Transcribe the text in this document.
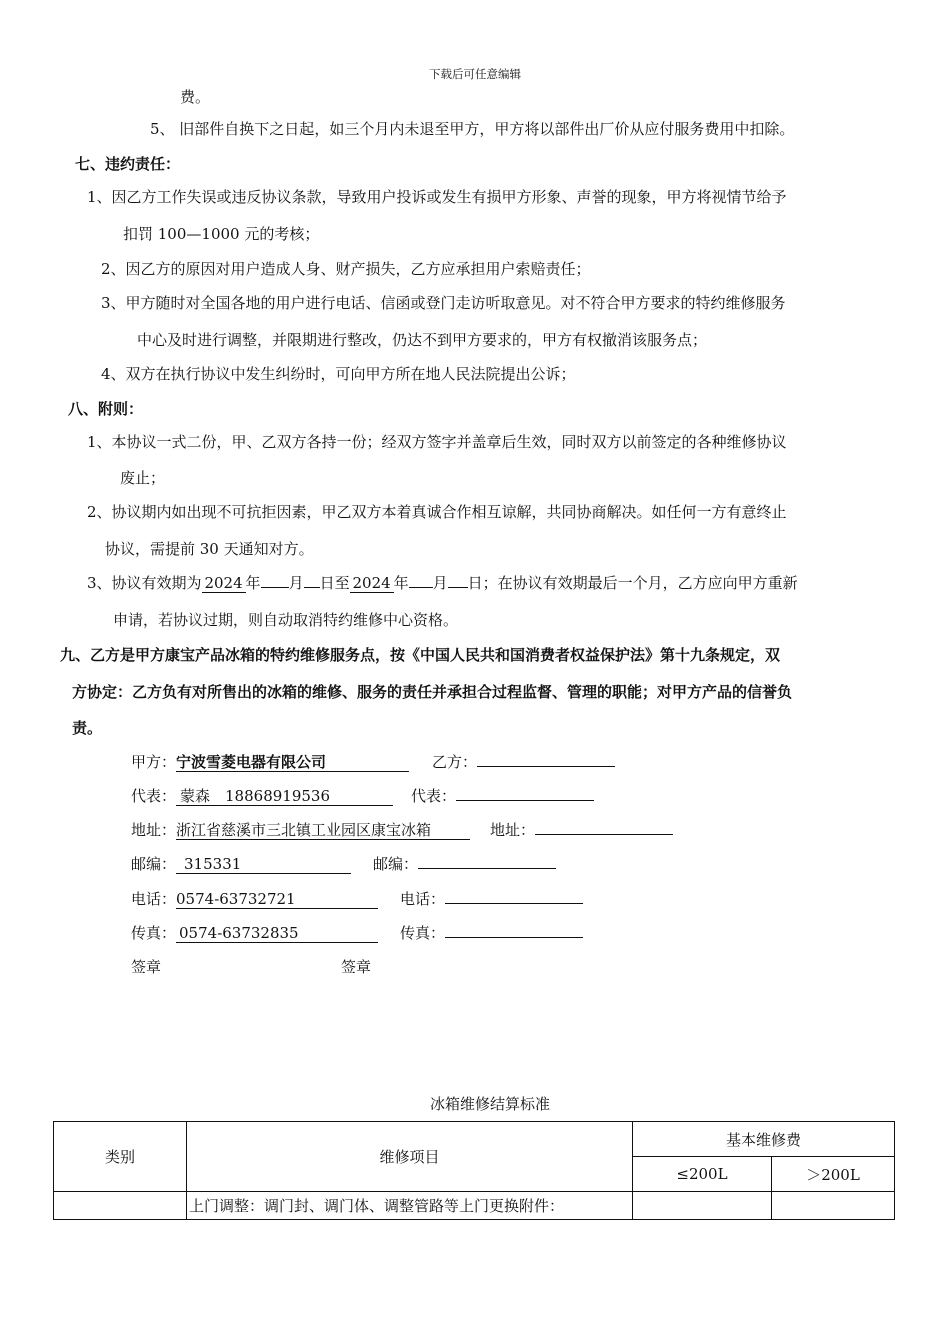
下载后可任意编辑
费。
5、 旧部件自换下之日起，如三个月内未退至甲方，甲方将以部件出厂价从应付服务费用中扣除。
七、违约责任：
1、因乙方工作失误或违反协议条款，导致用户投诉或发生有损甲方形象、声誉的现象，甲方将视情节给予
扣罚 100—1000 元的考核；
2、因乙方的原因对用户造成人身、财产损失，乙方应承担用户索赔责任；
3、甲方随时对全国各地的用户进行电话、信函或登门走访听取意见。对不符合甲方要求的特约维修服务
中心及时进行调整，并限期进行整改，仍达不到甲方要求的，甲方有权撤消该服务点；
4、双方在执行协议中发生纠纷时，可向甲方所在地人民法院提出公诉；
八、附则：
1、本协议一式二份，甲、乙双方各持一份；经双方签字并盖章后生效，同时双方以前签定的各种维修协议
废止；
2、协议期内如出现不可抗拒因素，甲乙双方本着真诚合作相互谅解，共同协商解决。如任何一方有意终止
协议，需提前 30 天通知对方。
3、协议有效期为 2024 年 月 日至 2024 年 月 日；在协议有效期最后一个月，乙方应向甲方重新
申请，若协议过期，则自动取消特约维修中心资格。
九、乙方是甲方康宝产品冰箱的特约维修服务点，按《中国人民共和国消费者权益保护法》第十九条规定，双
方协定：乙方负有对所售出的冰箱的维修、服务的责任并承担合过程监督、管理的职能；对甲方产品的信誉负
责。
甲方：宁波雪菱电器有限公司	乙方：
代表： 蒙森　18868919536	代表：
地址：浙江省慈溪市三北镇工业园区康宝冰箱	地址：
邮编： 315331	邮编：
电话：0574-63732721	电话：
传真： 0574-63732835	传真：
签章	签章
冰箱维修结算标准
类别	维修项目	基本维修费	
		≤200L	＞200L
	上门调整：调门封、调门体、调整管路等上门更换附件：		
